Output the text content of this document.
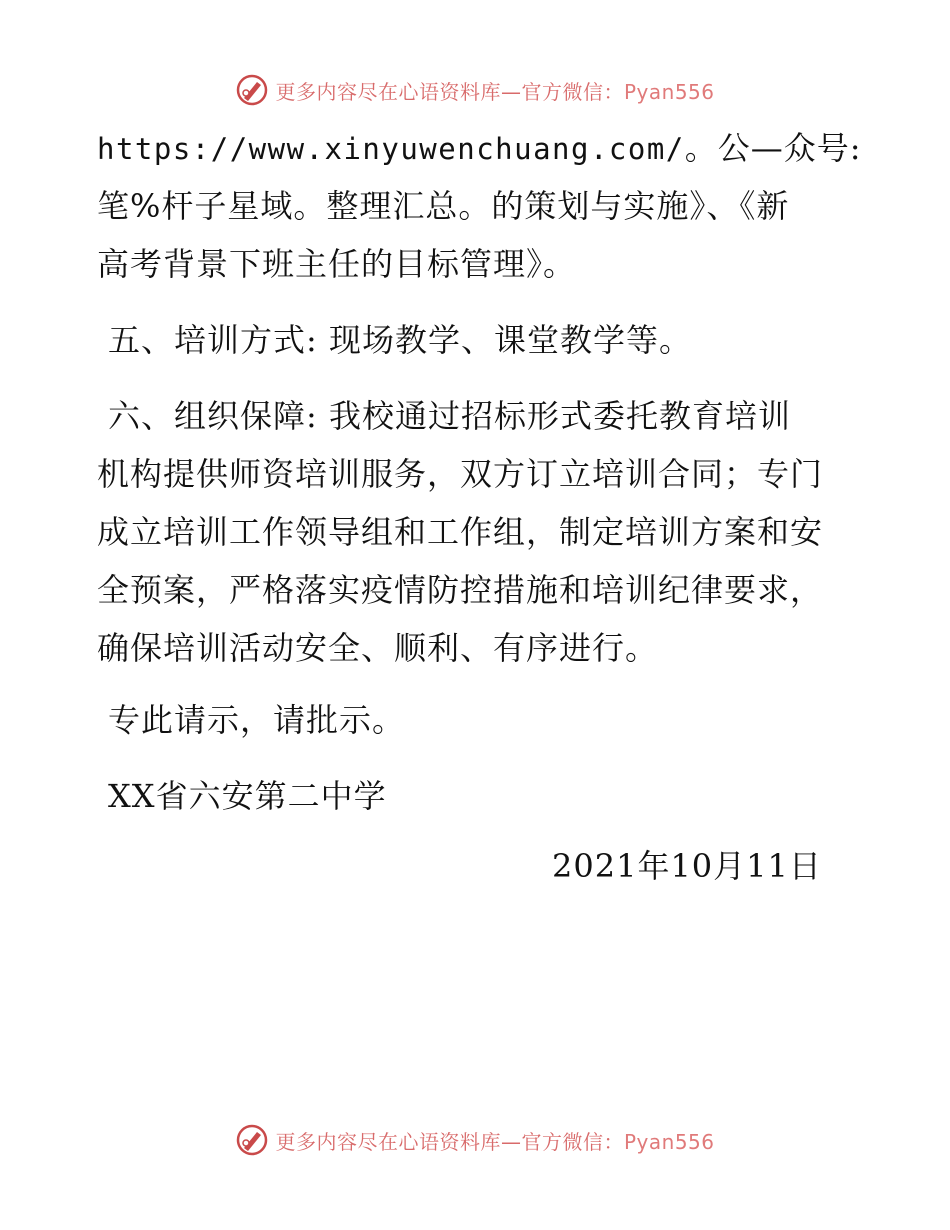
更多内容尽在心语资料库—官方微信：Pyan556
https://www.xinyuwenchuang.com/。公—众号:
笔%杆子星域。整理汇总。的策划与实施》、《新
高考背景下班主任的目标管理》。
五、培训方式: 现场教学、课堂教学等。
六、组织保障: 我校通过招标形式委托教育培训
机构提供师资培训服务，双方订立培训合同；专门
成立培训工作领导组和工作组，制定培训方案和安
全预案，严格落实疫情防控措施和培训纪律要求，
确保培训活动安全、顺利、有序进行。
专此请示，请批示。
XX省六安第二中学
2021年10月11日
更多内容尽在心语资料库—官方微信：Pyan556
